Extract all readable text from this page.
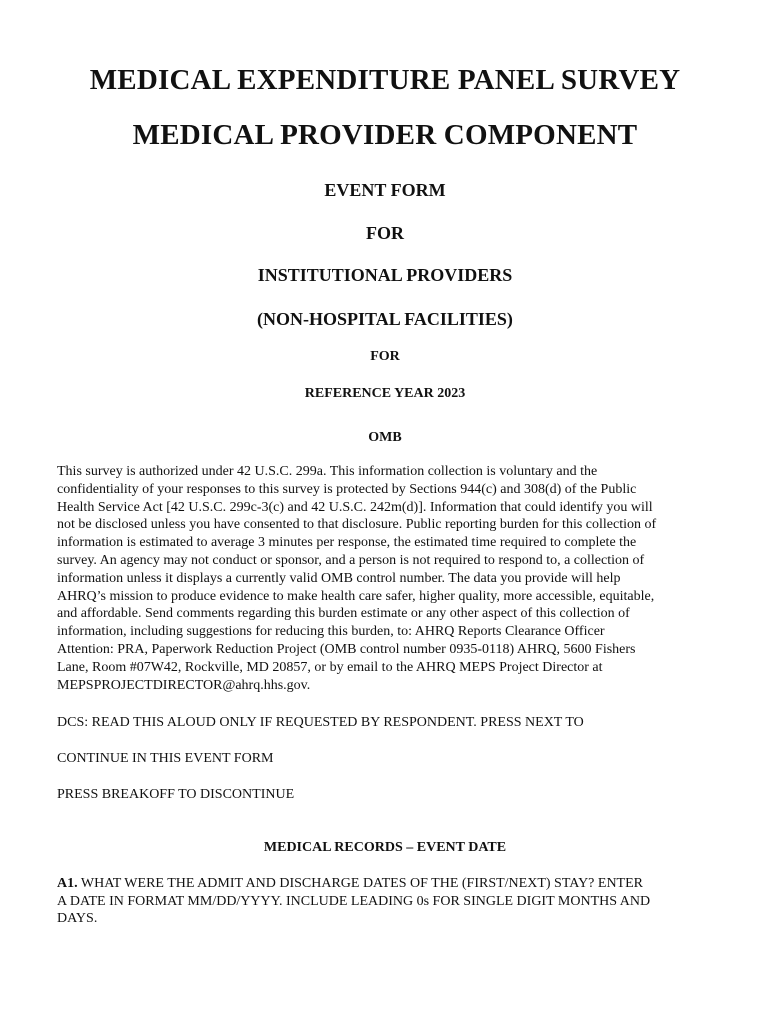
MEDICAL EXPENDITURE PANEL SURVEY
MEDICAL PROVIDER COMPONENT
EVENT FORM
FOR
INSTITUTIONAL PROVIDERS
(NON-HOSPITAL FACILITIES)
FOR
REFERENCE YEAR 2023
OMB
This survey is authorized under 42 U.S.C. 299a. This information collection is voluntary and the
confidentiality of your responses to this survey is protected by Sections 944(c) and 308(d) of the Public
Health Service Act [42 U.S.C. 299c-3(c) and 42 U.S.C. 242m(d)]. Information that could identify you will
not be disclosed unless you have consented to that disclosure. Public reporting burden for this collection of
information is estimated to average 3 minutes per response, the estimated time required to complete the
survey. An agency may not conduct or sponsor, and a person is not required to respond to, a collection of
information unless it displays a currently valid OMB control number. The data you provide will help
AHRQ’s mission to produce evidence to make health care safer, higher quality, more accessible, equitable,
and affordable. Send comments regarding this burden estimate or any other aspect of this collection of
information, including suggestions for reducing this burden, to: AHRQ Reports Clearance Officer
Attention: PRA, Paperwork Reduction Project (OMB control number 0935-0118) AHRQ, 5600 Fishers
Lane, Room #07W42, Rockville, MD 20857, or by email to the AHRQ MEPS Project Director at
MEPSPROJECTDIRECTOR@ahrq.hhs.gov.
DCS: READ THIS ALOUD ONLY IF REQUESTED BY RESPONDENT. PRESS NEXT TO
CONTINUE IN THIS EVENT FORM
PRESS BREAKOFF TO DISCONTINUE
MEDICAL RECORDS – EVENT DATE
A1. WHAT WERE THE ADMIT AND DISCHARGE DATES OF THE (FIRST/NEXT) STAY? ENTER
A DATE IN FORMAT MM/DD/YYYY. INCLUDE LEADING 0s FOR SINGLE DIGIT MONTHS AND
DAYS.
